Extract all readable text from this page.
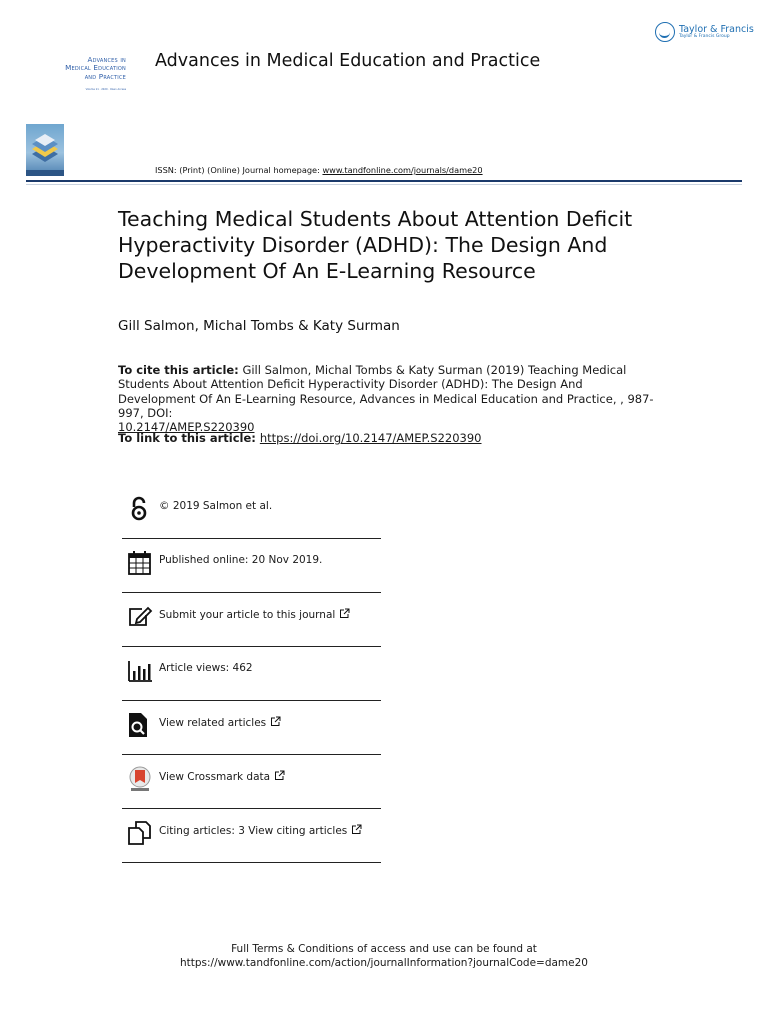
Taylor & Francis
Taylor & Francis Group
Advances in
Medical Education
and Practice
Volume 11 · 2020 · Open Access
Advances in Medical Education and Practice
ISSN: (Print) (Online) Journal homepage: www.tandfonline.com/journals/dame20
Teaching Medical Students About Attention Deficit Hyperactivity Disorder (ADHD): The Design And Development Of An E-Learning Resource
Gill Salmon, Michal Tombs & Katy Surman
To cite this article: Gill Salmon, Michal Tombs & Katy Surman (2019) Teaching Medical Students About Attention Deficit Hyperactivity Disorder (ADHD): The Design And Development Of An E-Learning Resource, Advances in Medical Education and Practice, , 987-997, DOI:
10.2147/AMEP.S220390
To link to this article: https://doi.org/10.2147/AMEP.S220390
© 2019 Salmon et al.
Published online: 20 Nov 2019.
Submit your article to this journal
Article views: 462
View related articles
View Crossmark data
Citing articles: 3 View citing articles
Full Terms & Conditions of access and use can be found at
https://www.tandfonline.com/action/journalInformation?journalCode=dame20
